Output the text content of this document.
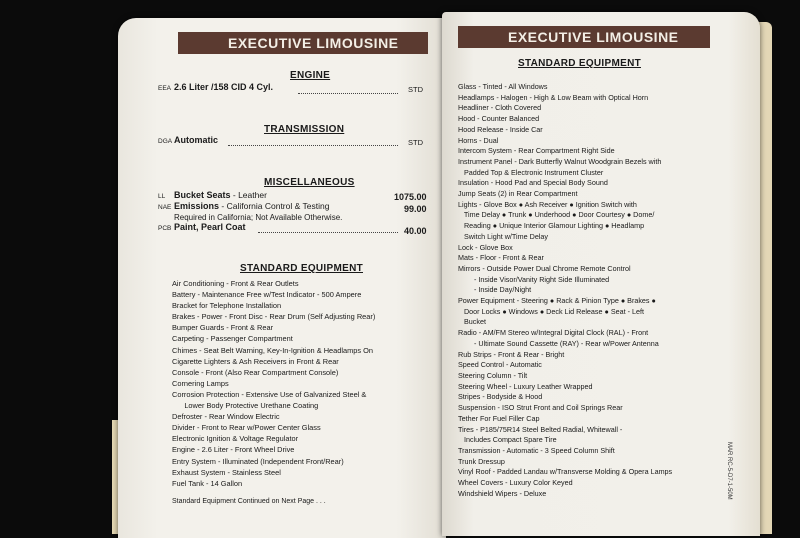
EXECUTIVE LIMOUSINE
ENGINE
EEA 2.6 Liter /158 CID 4 Cyl.	STD
TRANSMISSION
DGA Automatic	STD
MISCELLANEOUS
LL Bucket Seats - Leather	1075.00
NAE Emissions - California Control & Testing	99.00
Required in California; Not Available Otherwise.
PCB Paint, Pearl Coat	40.00
STANDARD EQUIPMENT
Air Conditioning - Front & Rear Outlets
Battery - Maintenance Free w/Test Indicator - 500 Ampere
Bracket for Telephone Installation
Brakes - Power - Front Disc - Rear Drum (Self Adjusting Rear)
Bumper Guards - Front & Rear
Carpeting - Passenger Compartment
Chimes - Seat Belt Warning, Key-In-Ignition & Headlamps On
Cigarette Lighters & Ash Receivers in Front & Rear
Console - Front (Also Rear Compartment Console)
Cornering Lamps
Corrosion Protection - Extensive Use of Galvanized Steel &
Lower Body Protective Urethane Coating
Defroster - Rear Window Electric
Divider - Front to Rear w/Power Center Glass
Electronic Ignition & Voltage Regulator
Engine - 2.6 Liter - Front Wheel Drive
Entry System - Illuminated (Independent Front/Rear)
Exhaust System - Stainless Steel
Fuel Tank - 14 Gallon
Standard Equipment Continued on Next Page . . .
EXECUTIVE LIMOUSINE
STANDARD EQUIPMENT
Glass - Tinted - All Windows
Headlamps - Halogen - High & Low Beam with Optical Horn
Headliner - Cloth Covered
Hood - Counter Balanced
Hood Release - Inside Car
Horns - Dual
Intercom System - Rear Compartment Right Side
Instrument Panel - Dark Butterfly Walnut Woodgrain Bezels with
Padded Top & Electronic Instrument Cluster
Insulation - Hood Pad and Special Body Sound
Jump Seats (2) in Rear Compartment
Lights - Glove Box ● Ash Receiver ● Ignition Switch with
Time Delay ● Trunk ● Underhood ● Door Courtesy ● Dome/
Reading ● Unique Interior Glamour Lighting ● Headlamp
Switch Light w/Time Delay
Lock - Glove Box
Mats - Floor - Front & Rear
Mirrors - Outside Power Dual Chrome Remote Control
- Inside Visor/Vanity Right Side Illuminated
- Inside Day/Night
Power Equipment - Steering ● Rack & Pinion Type ● Brakes ●
Door Locks ● Windows ● Deck Lid Release ● Seat - Left
Bucket
Radio - AM/FM Stereo w/Integral Digital Clock (RAL) - Front
- Ultimate Sound Cassette (RAY) - Rear w/Power Antenna
Rub Strips - Front & Rear - Bright
Speed Control - Automatic
Steering Column - Tilt
Steering Wheel - Luxury Leather Wrapped
Stripes - Bodyside & Hood
Suspension - ISO Strut Front and Coil Springs Rear
Tether For Fuel Filler Cap
Tires - P185/75R14 Steel Belted Radial, Whitewall -
Includes Compact Spare Tire
Transmission - Automatic - 3 Speed Column Shift
Trunk Dressup
Vinyl Roof - Padded Landau w/Transverse Molding & Opera Lamps
Wheel Covers - Luxury Color Keyed
Windshield Wipers - Deluxe	MAR RC-5-D7-1-50M
